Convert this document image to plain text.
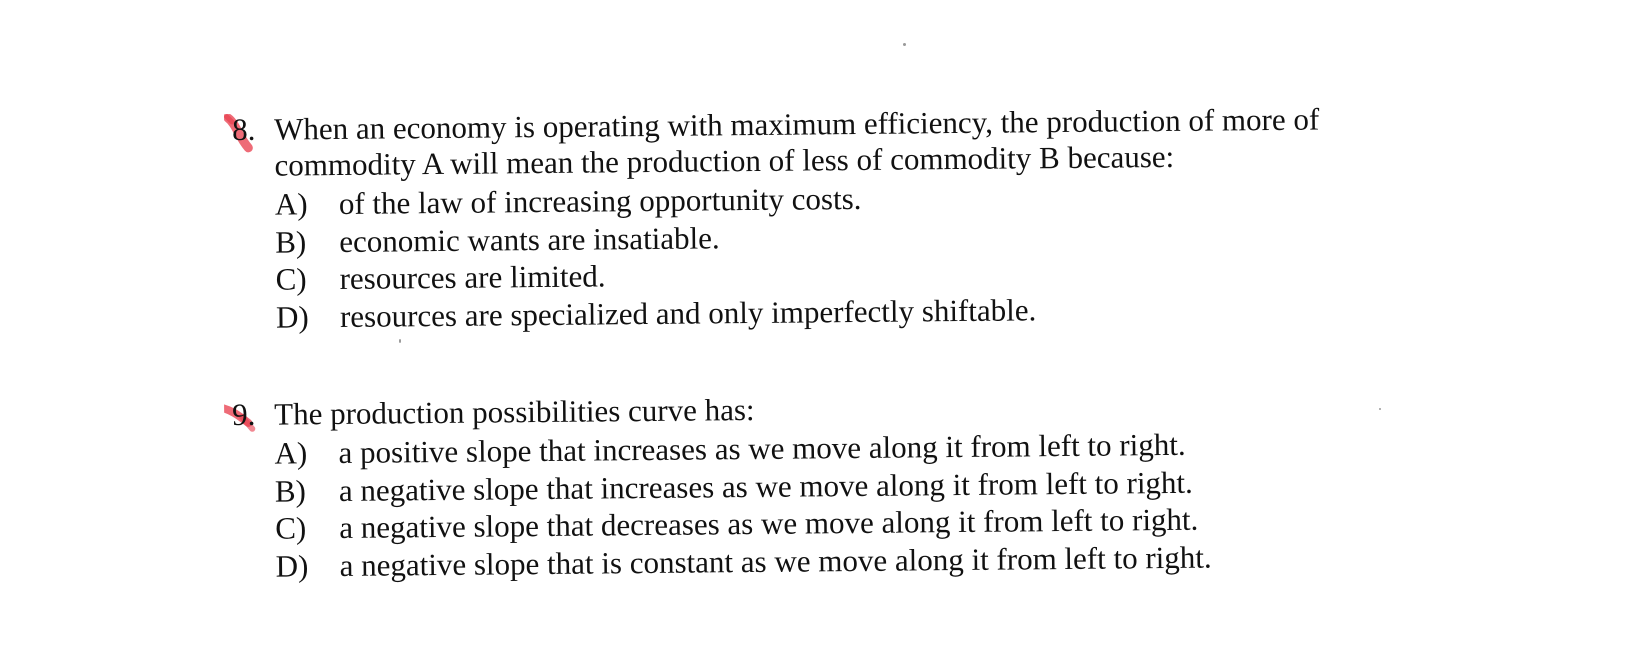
8. When an economy is operating with maximum efficiency, the production of more of
commodity A will mean the production of less of commodity B because:
A) of the law of increasing opportunity costs.
B) economic wants are insatiable.
C) resources are limited.
D) resources are specialized and only imperfectly shiftable.
9. The production possibilities curve has:
A) a positive slope that increases as we move along it from left to right.
B) a negative slope that increases as we move along it from left to right.
C) a negative slope that decreases as we move along it from left to right.
D) a negative slope that is constant as we move along it from left to right.
